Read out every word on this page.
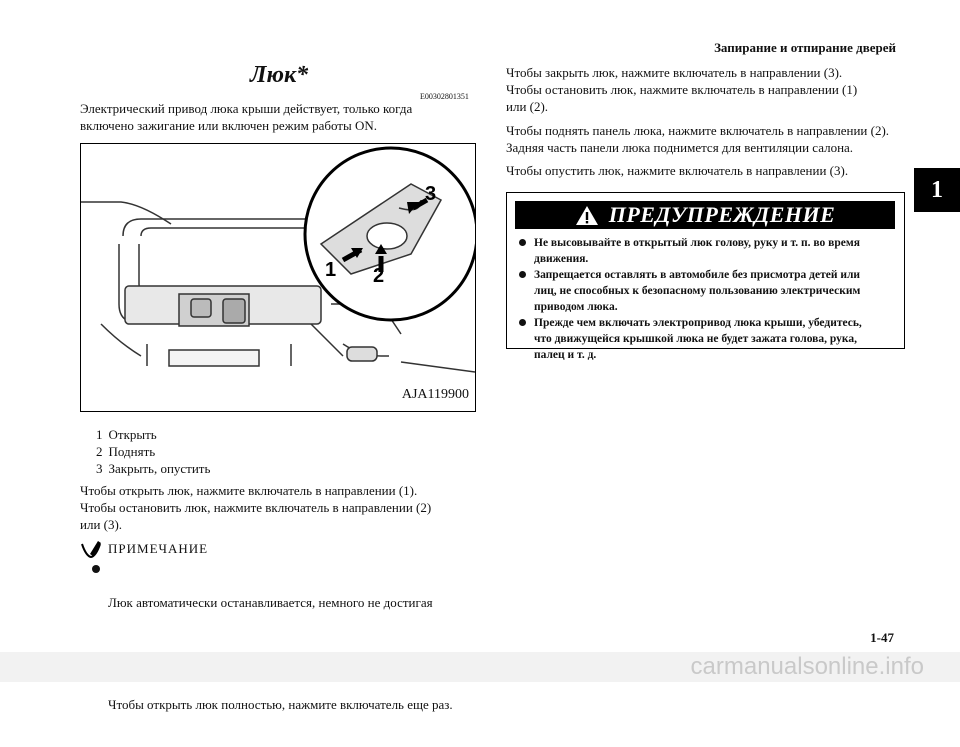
Запирание и отпирание дверей
1
Люк*
E00302801351
Электрический привод люка крыши действует, только когда
включено зажигание или включен режим работы ON.
1 2
3
AJA119900
1 Открыть
2 Поднять
3 Закрыть, опустить
Чтобы открыть люк, нажмите включатель в направлении (1).
Чтобы остановить люк, нажмите включатель в направлении (2)
или (3).
ПРИМЕЧАНИЕ

Люк автоматически останавливается, немного не достигая

Чтобы открыть люк полностью, нажмите включатель еще раз.

Чтобы закрыть люк, нажмите включатель в направлении (3).
Чтобы остановить люк, нажмите включатель в направлении (1)
или (2).
Чтобы поднять панель люка, нажмите включатель в направлении (2).
Задняя часть панели люка поднимется для вентиляции салона.
Чтобы опустить люк, нажмите включатель в направлении (3).
ПРЕДУПРЕЖДЕНИЕ
Не высовывайте в открытый люк голову, руку и т. п. во время
движения.
Запрещается оставлять в автомобиле без присмотра детей или
лиц, не способных к безопасному пользованию электрическим
приводом люка.
Прежде чем включать электропривод люка крыши, убедитесь,
что движущейся крышкой люка не будет зажата голова, рука,
палец и т. д.
1-47
carmanualsonline.info
